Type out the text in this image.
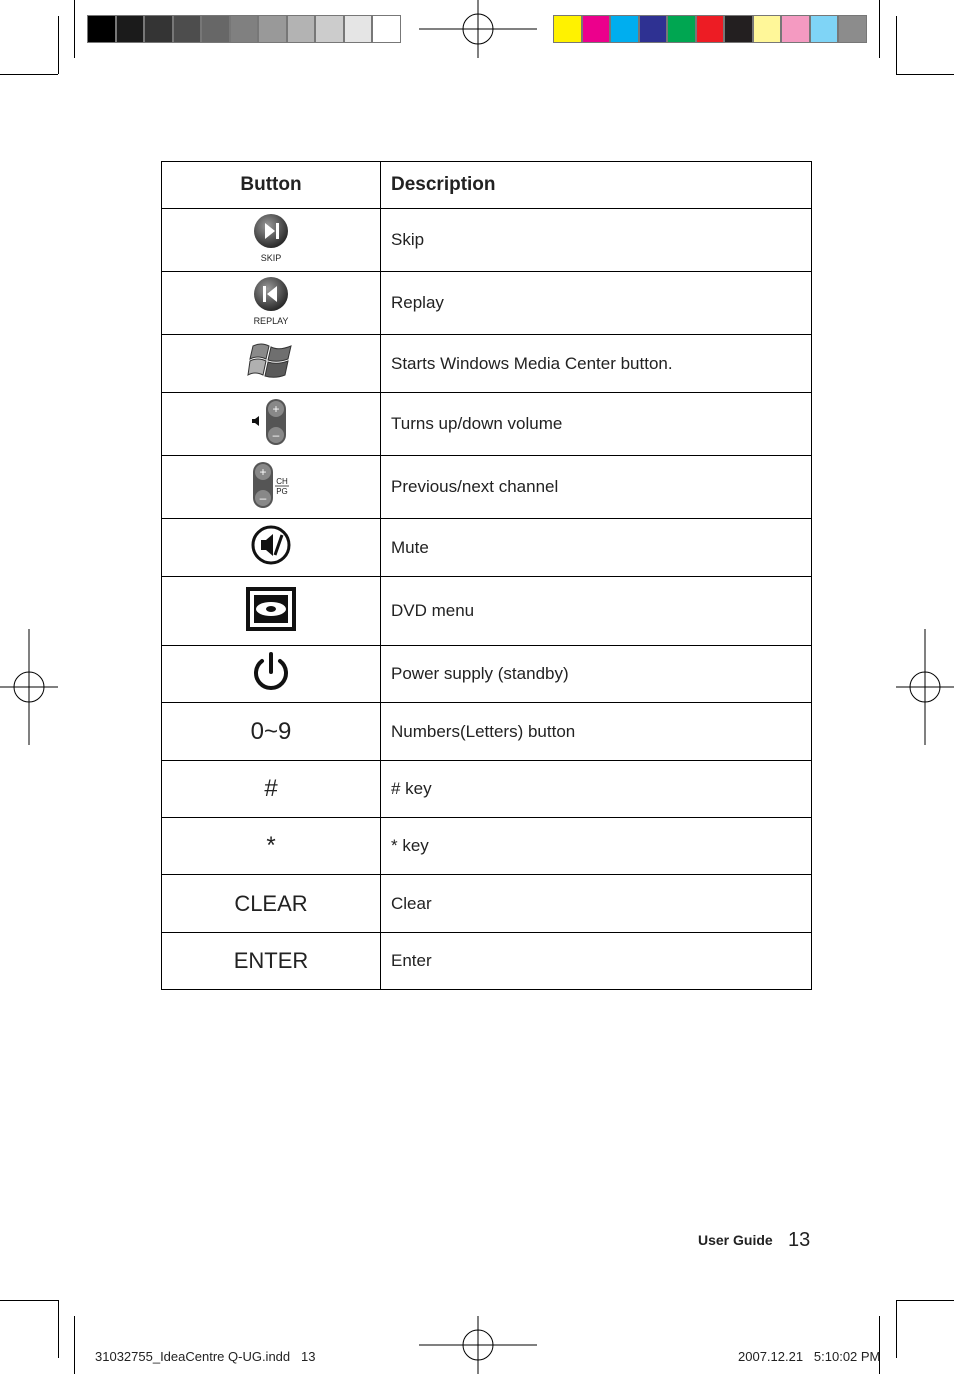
Button	Description

SKIP	Skip

REPLAY	Replay
	Starts Windows Media Center button.

+
–	Turns up/down volume

+
–
CH
PG	Previous/next channel
	Mute
	DVD menu
	Power supply (standby)
0~9	Numbers(Letters) button
#	# key
*	* key
CLEAR	Clear
ENTER	Enter
User Guide 13
31032755_IdeaCentre Q-UG.indd   13	2007.12.21   5:10:02 PM
